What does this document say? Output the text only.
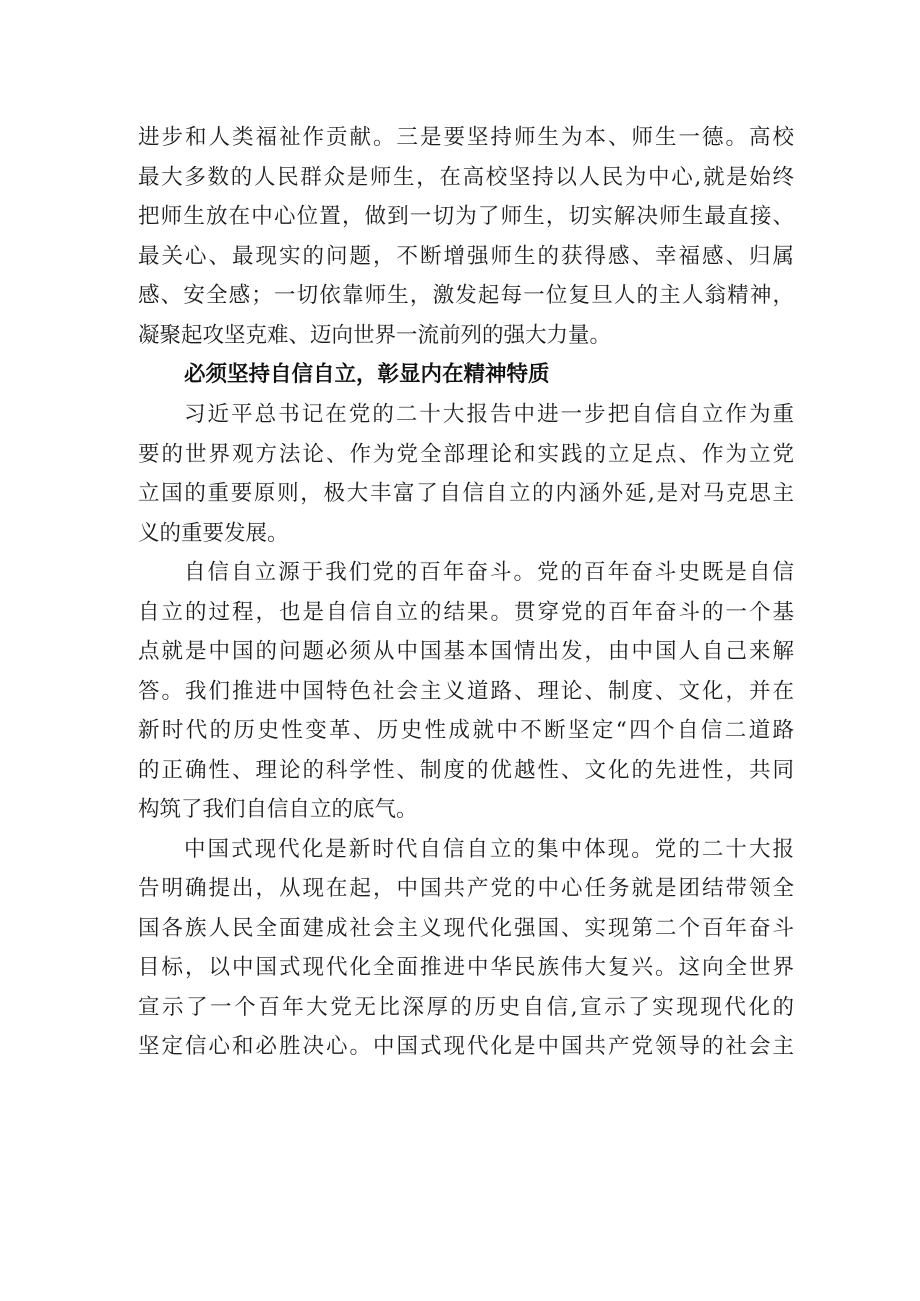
进步和人类福祉作贡献。三是要坚持师生为本、师生一德。高校
最大多数的人民群众是师生，在高校坚持以人民为中心,就是始终
把师生放在中心位置，做到一切为了师生，切实解决师生最直接、
最关心、最现实的问题，不断增强师生的获得感、幸福感、归属
感、安全感；一切依靠师生，激发起每一位复旦人的主人翁精神，
凝聚起攻坚克难、迈向世界一流前列的强大力量。
必须坚持自信自立，彰显内在精神特质
习近平总书记在党的二十大报告中进一步把自信自立作为重
要的世界观方法论、作为党全部理论和实践的立足点、作为立党
立国的重要原则，极大丰富了自信自立的内涵外延,是对马克思主
义的重要发展。
自信自立源于我们党的百年奋斗。党的百年奋斗史既是自信
自立的过程，也是自信自立的结果。贯穿党的百年奋斗的一个基
点就是中国的问题必须从中国基本国情出发，由中国人自己来解
答。我们推进中国特色社会主义道路、理论、制度、文化，并在
新时代的历史性变革、历史性成就中不断坚定“四个自信二道路
的正确性、理论的科学性、制度的优越性、文化的先进性，共同
构筑了我们自信自立的底气。
中国式现代化是新时代自信自立的集中体现。党的二十大报
告明确提出，从现在起，中国共产党的中心任务就是团结带领全
国各族人民全面建成社会主义现代化强国、实现第二个百年奋斗
目标，以中国式现代化全面推进中华民族伟大复兴。这向全世界
宣示了一个百年大党无比深厚的历史自信,宣示了实现现代化的
坚定信心和必胜决心。中国式现代化是中国共产党领导的社会主
